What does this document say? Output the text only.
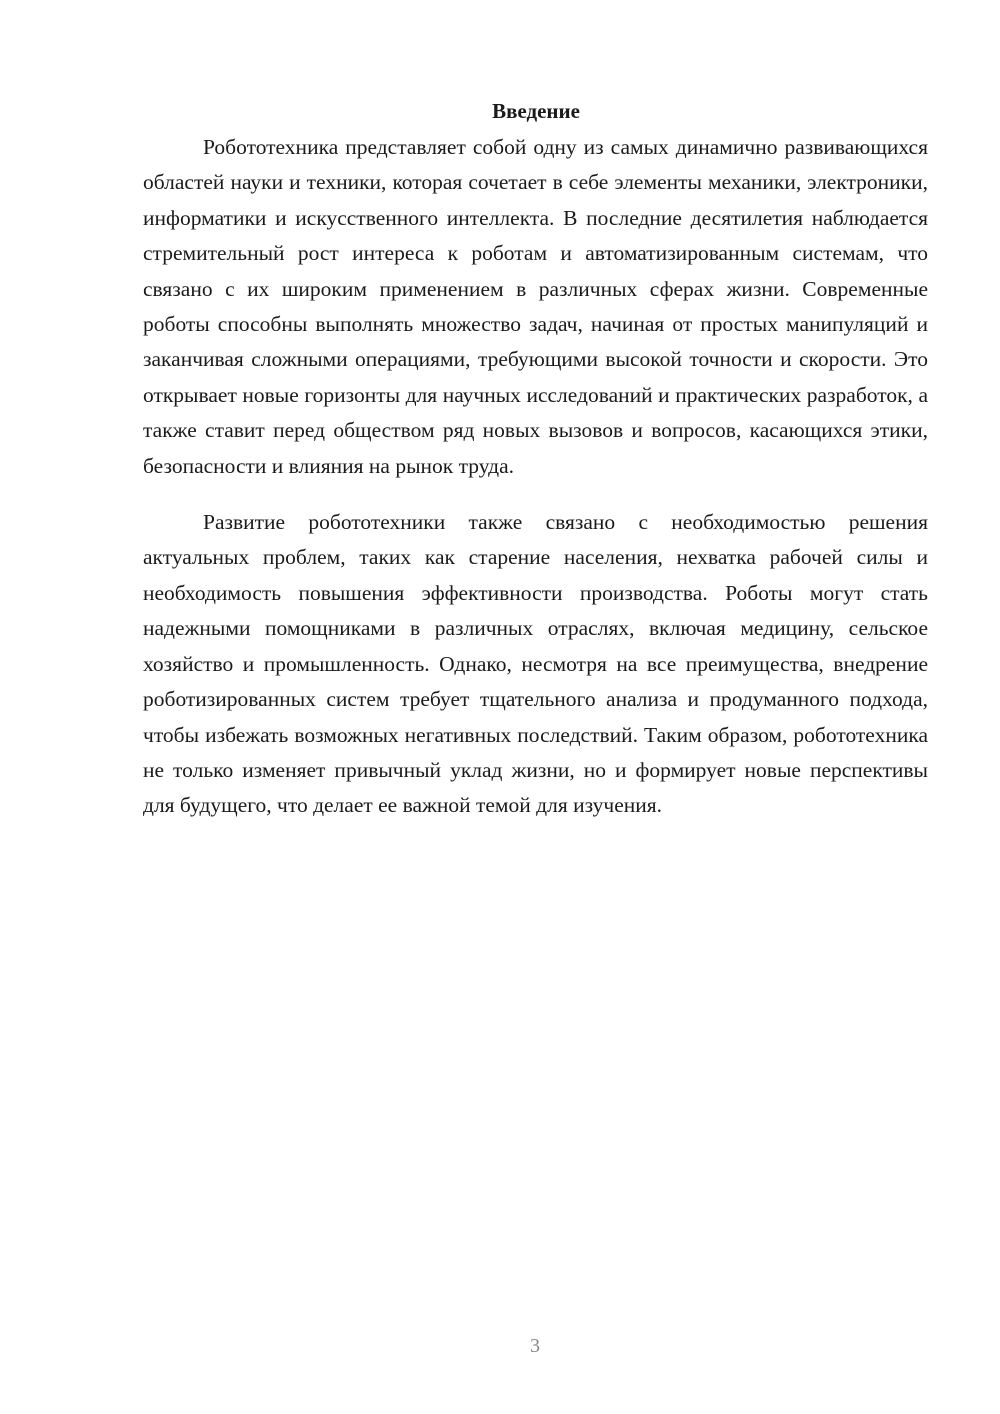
Введение

Робототехника представляет собой одну из самых динамично развивающихся областей науки и техники, которая сочетает в себе элементы механики, электроники, информатики и искусственного интеллекта. В последние десятилетия наблюдается стремительный рост интереса к роботам и автоматизированным системам, что связано с их широким применением в различных сферах жизни. Современные роботы способны выполнять множество задач, начиная от простых манипуляций и заканчивая сложными операциями, требующими высокой точности и скорости. Это открывает новые горизонты для научных исследований и практических разработок, а также ставит перед обществом ряд новых вызовов и вопросов, касающихся этики, безопасности и влияния на рынок труда.

Развитие робототехники также связано с необходимостью решения актуальных проблем, таких как старение населения, нехватка рабочей силы и необходимость повышения эффективности производства. Роботы могут стать надежными помощниками в различных отраслях, включая медицину, сельское хозяйство и промышленность. Однако, несмотря на все преимущества, внедрение роботизированных систем требует тщательного анализа и продуманного подхода, чтобы избежать возможных негативных последствий. Таким образом, робототехника не только изменяет привычный уклад жизни, но и формирует новые перспективы для будущего, что делает ее важной темой для изучения.

3
